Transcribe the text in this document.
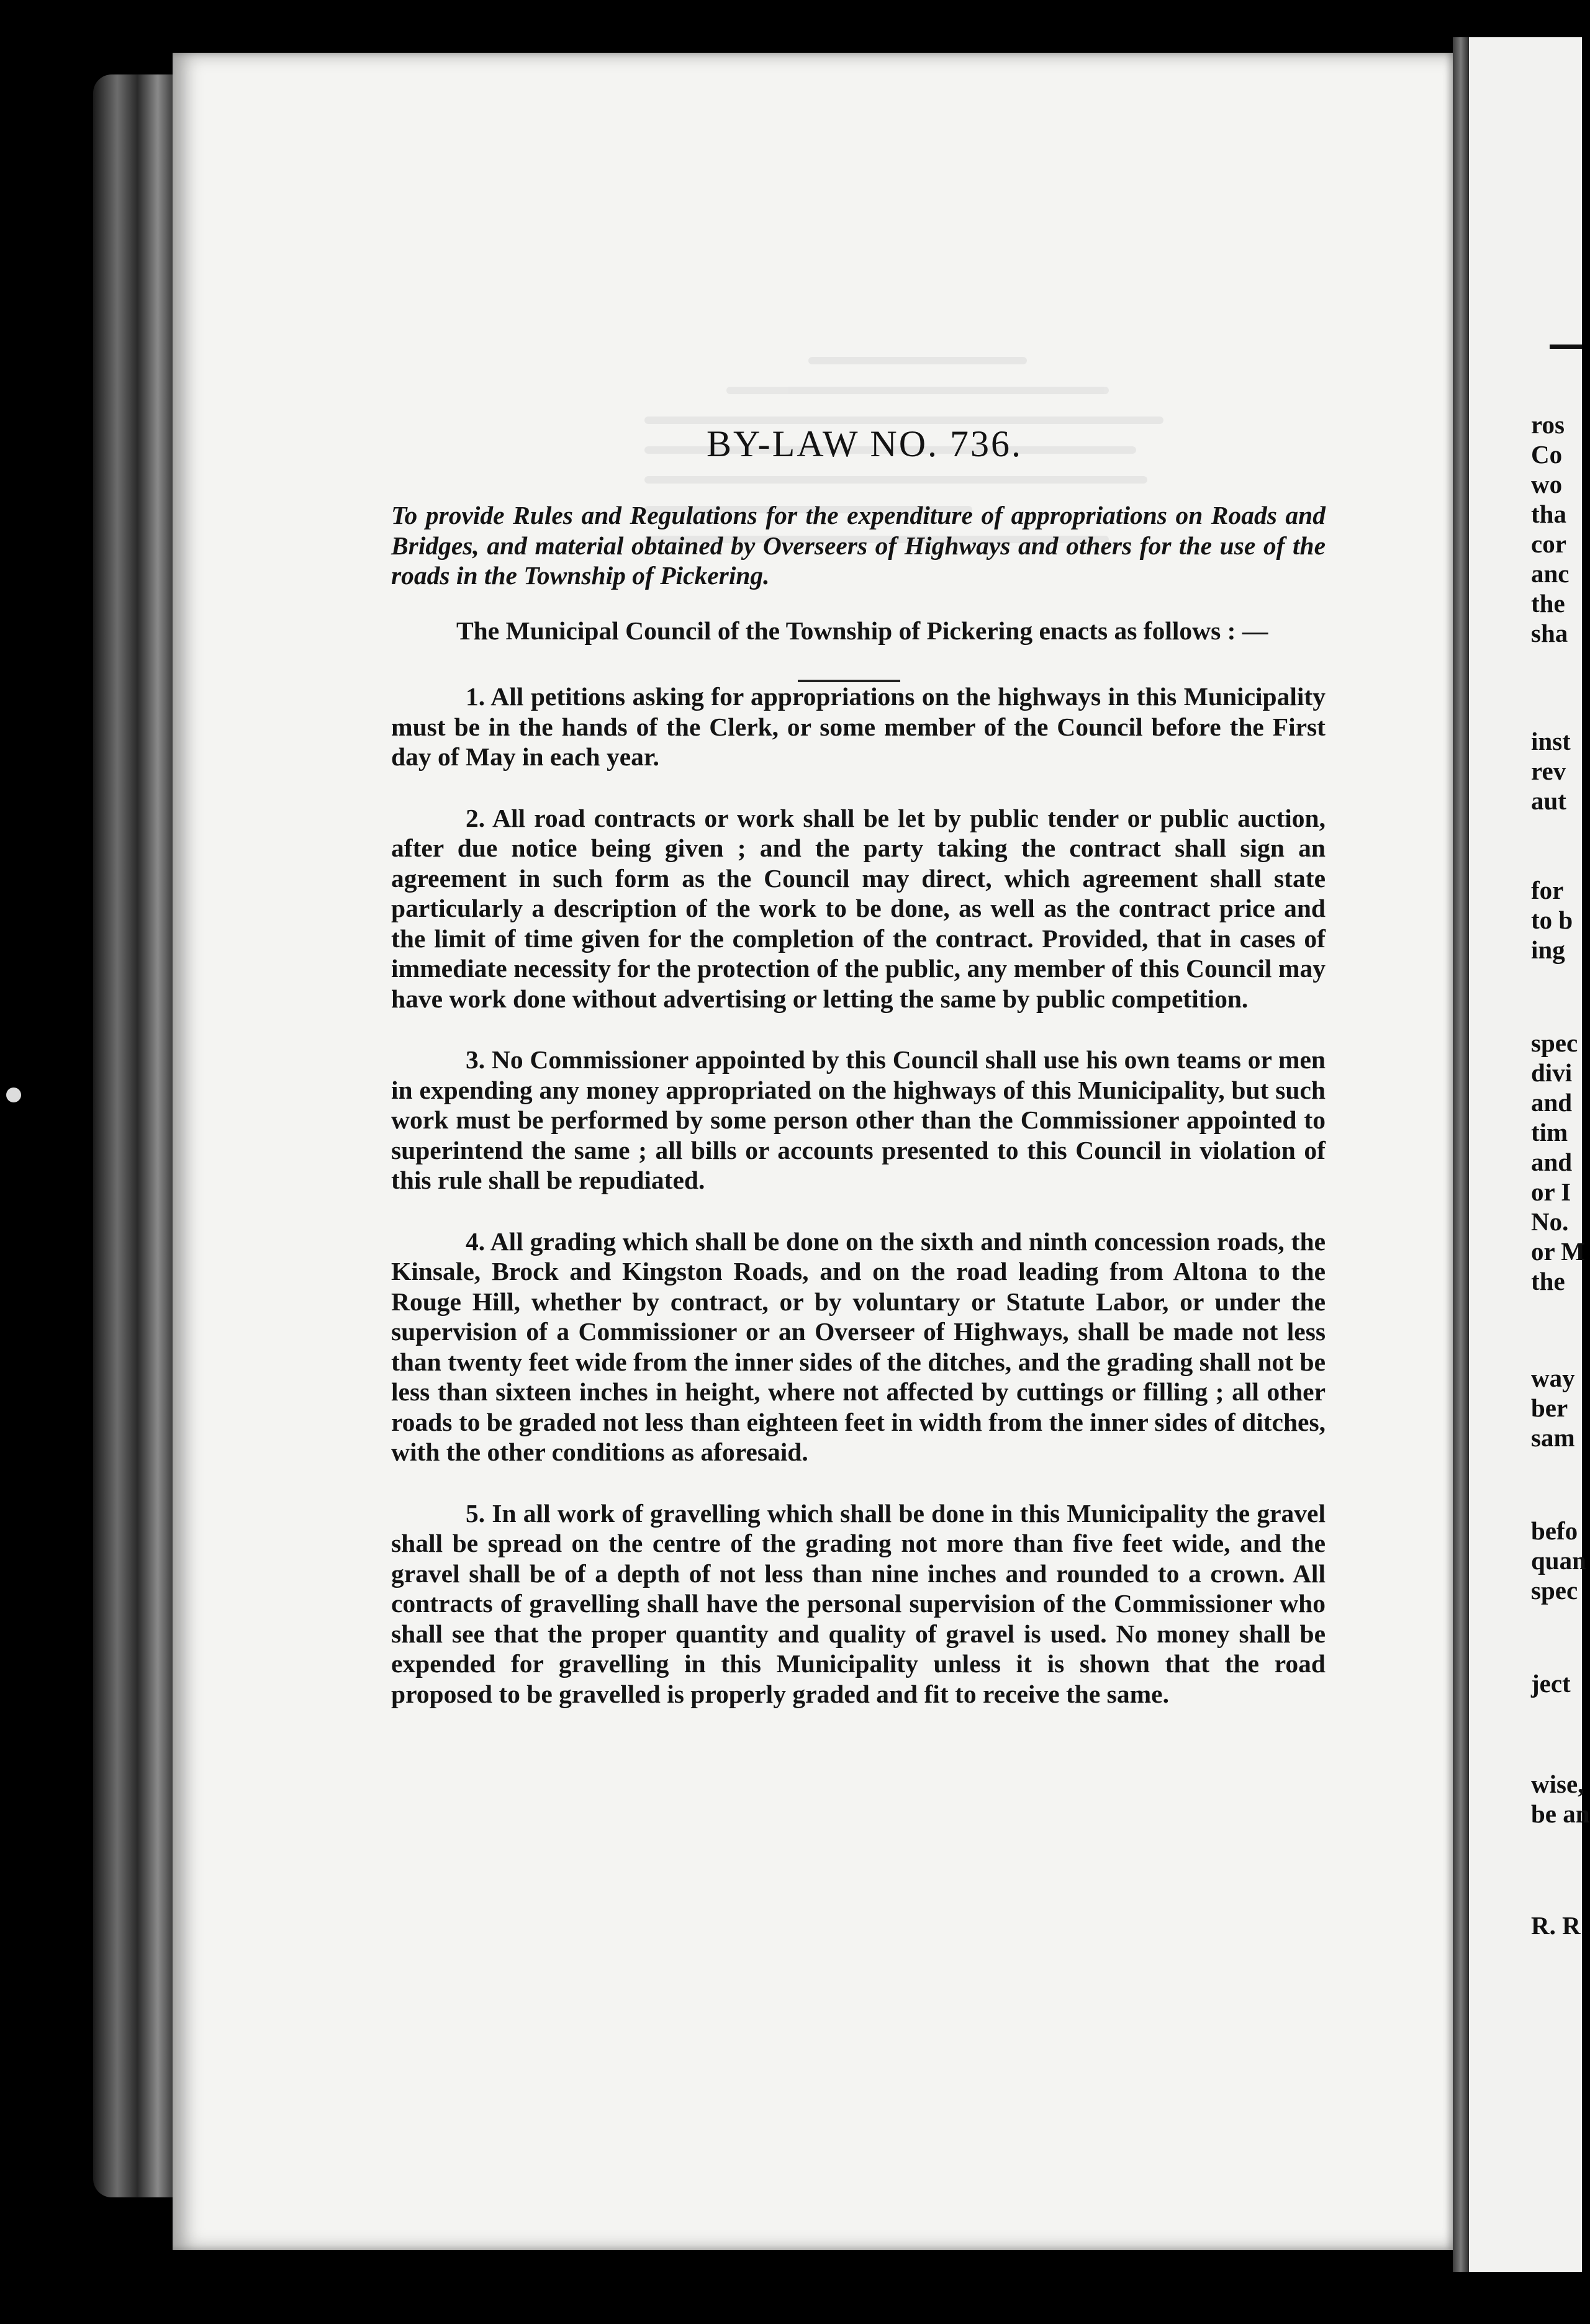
ros
Co
wo
tha
cor
anc
the
sha
inst
rev
aut
for
to b
ing
spec
divi
and
tim
and
or I
No.
or M
the
way
ber
sam
befo
quan
spec
ject
wise,
be an
R. R
BY-LAW NO. 736.

To provide Rules and Regulations for the expenditure of appropriations on Roads and Bridges, and material obtained by Overseers of Highways and others for the use of the roads in the Township of Pickering.

The Municipal Council of the Township of Pickering enacts as follows : —

1. All petitions asking for appropriations on the highways in this Municipality must be in the hands of the Clerk, or some member of the Council before the First day of May in each year.

2. All road contracts or work shall be let by public tender or public auction, after due notice being given ; and the party taking the contract shall sign an agreement in such form as the Council may direct, which agreement shall state particularly a description of the work to be done, as well as the contract price and the limit of time given for the completion of the contract. Provided, that in cases of immediate necessity for the protection of the public, any member of this Council may have work done without advertising or letting the same by public competition.

3. No Commissioner appointed by this Council shall use his own teams or men in expending any money appropriated on the highways of this Municipality, but such work must be performed by some person other than the Commissioner appointed to superintend the same ; all bills or accounts presented to this Council in violation of this rule shall be repudiated.

4. All grading which shall be done on the sixth and ninth concession roads, the Kinsale, Brock and Kingston Roads, and on the road leading from Altona to the Rouge Hill, whether by contract, or by voluntary or Statute Labor, or under the supervision of a Commissioner or an Overseer of Highways, shall be made not less than twenty feet wide from the inner sides of the ditches, and the grading shall not be less than sixteen inches in height, where not affected by cuttings or filling ; all other roads to be graded not less than eighteen feet in width from the inner sides of ditches, with the other conditions as aforesaid.

5. In all work of gravelling which shall be done in this Municipality the gravel shall be spread on the centre of the grading not more than five feet wide, and the gravel shall be of a depth of not less than nine inches and rounded to a crown. All contracts of gravelling shall have the personal supervision of the Commissioner who shall see that the proper quantity and quality of gravel is used. No money shall be expended for gravelling in this Municipality unless it is shown that the road proposed to be gravelled is properly graded and fit to receive the same.
